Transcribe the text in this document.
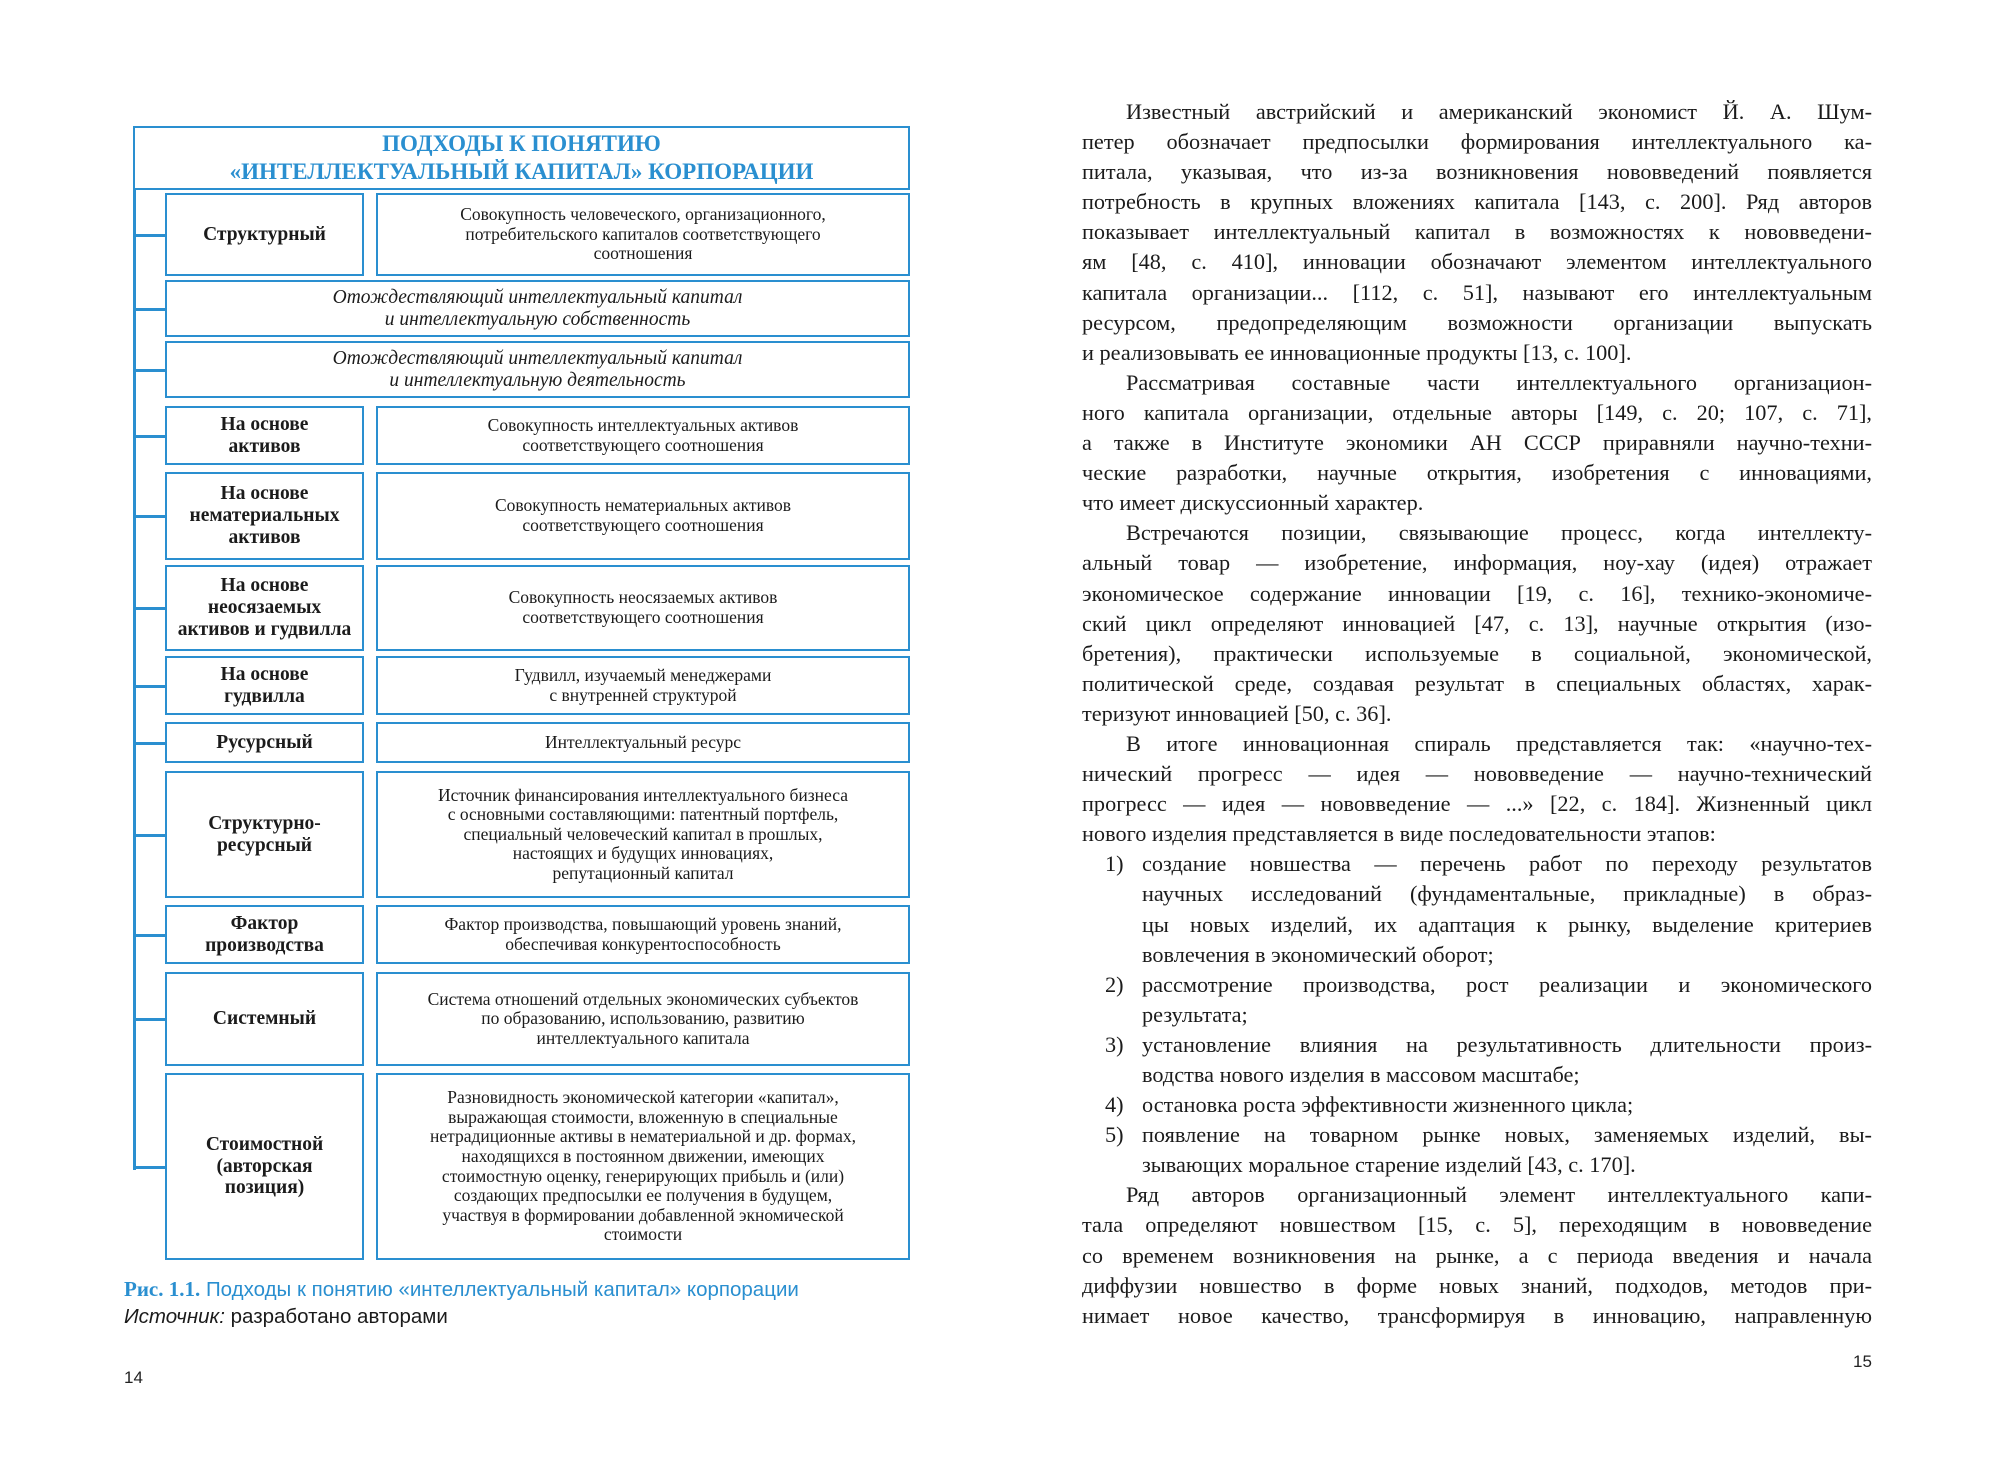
ПОДХОДЫ К ПОНЯТИЮ
«ИНТЕЛЛЕКТУАЛЬНЫЙ КАПИТАЛ» КОРПОРАЦИИ
Структурный
Совокупность человеческого, организационного,
потребительского капиталов соответствующего
соотношения
Отождествляющий интеллектуальный капитал
и интеллектуальную собственность
Отождествляющий интеллектуальный капитал
и интеллектуальную деятельность
На основе
активов
Совокупность интеллектуальных активов
соответствующего соотношения
На основе
нематериальных
активов
Совокупность нематериальных активов
соответствующего соотношения
На основе
неосязаемых
активов и гудвилла
Совокупность неосязаемых активов
соответствующего соотношения
На основе
гудвилла
Гудвилл, изучаемый менеджерами
с внутренней структурой
Русурсный	Интеллектуальный ресурс
Структурно-
ресурсный
Источник финансирования интеллектуального бизнеса
с основными составляющими: патентный портфель,
специальный человеческий капитал в прошлых,
настоящих и будущих инновациях,
репутационный капитал
Фактор
производства
Фактор производства, повышающий уровень знаний,
обеспечивая конкурентоспособность
Системный
Система отношений отдельных экономических субъектов
по образованию, использованию, развитию
интеллектуального капитала
Стоимостной
(авторская
позиция)
Разновидность экономической категории «капитал»,
выражающая стоимости, вложенную в специальные
нетрадиционные активы в нематериальной и др. формах,
находящихся в постоянном движении, имеющих
стоимостную оценку, генерирующих прибыль и (или)
создающих предпосылки ее получения в будущем,
участвуя в формировании добавленной экномической
стоимости
Рис. 1.1. Подходы к понятию «интеллектуальный капитал» корпорации
Источник: разработано авторами
14
Известный австрийский и американский экономист Й. А. Шум-
петер обозначает предпосылки формирования интеллектуального ка-
питала, указывая, что из-за возникновения нововведений появляется
потребность в крупных вложениях капитала [143, с. 200]. Ряд авторов
показывает интеллектуальный капитал в возможностях к нововведени-
ям [48, с. 410], инновации обозначают элементом интеллектуального
капитала организации... [112, с. 51], называют его интеллектуальным
ресурсом, предопределяющим возможности организации выпускать
и реализовывать ее инновационные продукты [13, с. 100].
Рассматривая составные части интеллектуального организацион-
ного капитала организации, отдельные авторы [149, с. 20; 107, с. 71],
а также в Институте экономики АН СССР приравняли научно-техни-
ческие разработки, научные открытия, изобретения с инновациями,
что имеет дискуссионный характер.
Встречаются позиции, связывающие процесс, когда интеллекту-
альный товар — изобретение, информация, ноу-хау (идея) отражает
экономическое содержание инновации [19, с. 16], технико-экономиче-
ский цикл определяют инновацией [47, с. 13], научные открытия (изо-
бретения), практически используемые в социальной, экономической,
политической среде, создавая результат в специальных областях, харак-
теризуют инновацией [50, с. 36].
В итоге инновационная спираль представляется так: «научно-тех-
нический прогресс — идея — нововведение — научно-технический
прогресс — идея — нововведение — ...» [22, с. 184]. Жизненный цикл
нового изделия представляется в виде последовательности этапов:
1) создание новшества — перечень работ по переходу результатов
научных исследований (фундаментальные, прикладные) в образ-
цы новых изделий, их адаптация к рынку, выделение критериев
вовлечения в экономический оборот;
2) рассмотрение производства, рост реализации и экономического
результата;
3) установление влияния на результативность длительности произ-
водства нового изделия в массовом масштабе;
4) остановка роста эффективности жизненного цикла;
5) появление на товарном рынке новых, заменяемых изделий, вы-
зывающих моральное старение изделий [43, с. 170].
Ряд авторов организационный элемент интеллектуального капи-
тала определяют новшеством [15, с. 5], переходящим в нововведение
со временем возникновения на рынке, а с периода введения и начала
диффузии новшество в форме новых знаний, подходов, методов при-
нимает новое качество, трансформируя в инновацию, направленную
15
